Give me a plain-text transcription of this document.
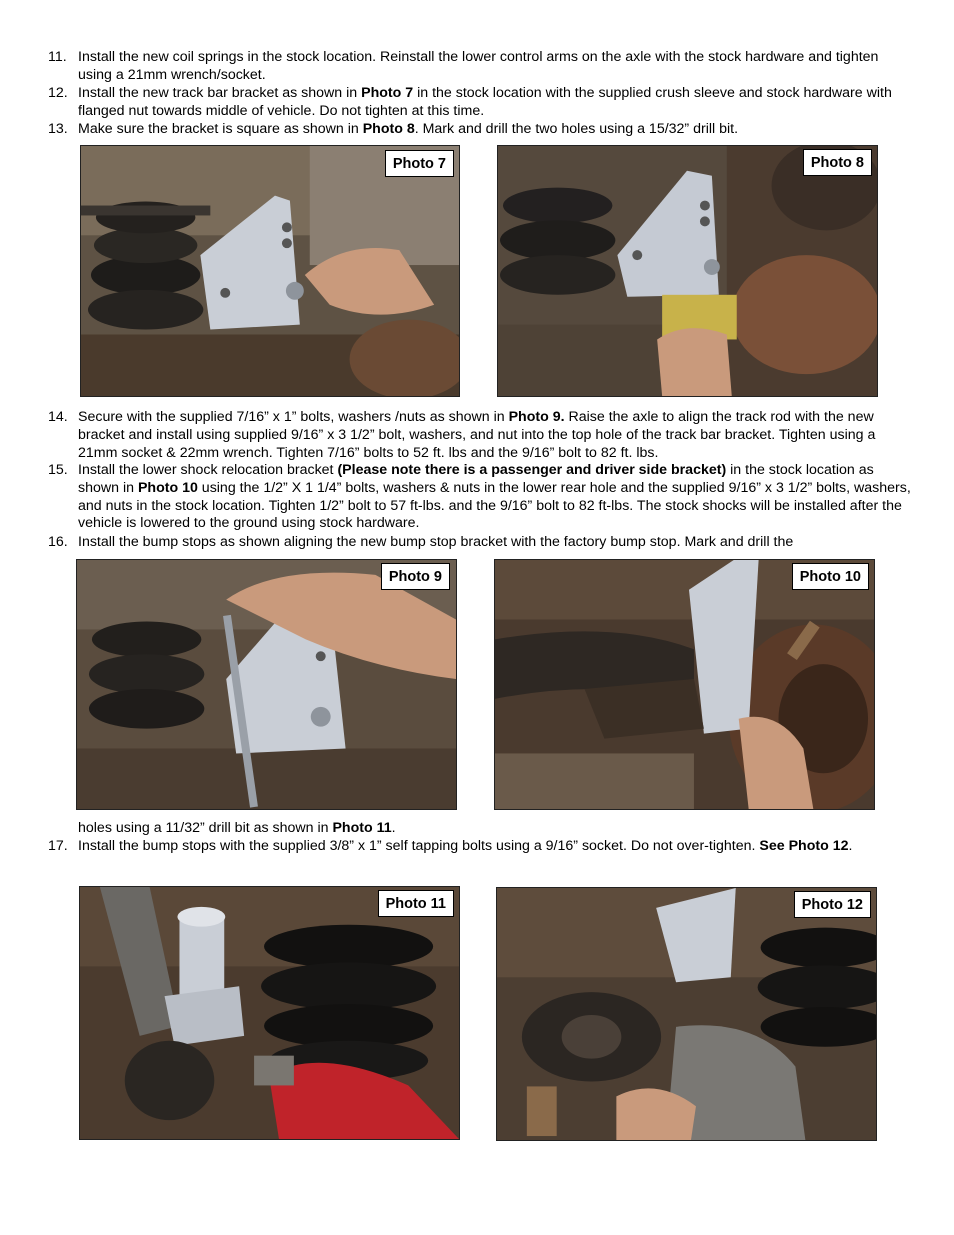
11. Install the new coil springs in the stock location. Reinstall the lower control arms on the axle with the stock hardware and tighten using a 21mm wrench/socket.
12. Install the new track bar bracket as shown in Photo 7 in the stock location with the supplied crush sleeve and stock hardware with flanged nut towards middle of vehicle. Do not tighten at this time.
13. Make sure the bracket is square as shown in Photo 8. Mark and drill the two holes using a 15/32” drill bit.
Photo 7	Photo 8
14. Secure with the supplied 7/16” x 1” bolts, washers /nuts as shown in Photo 9. Raise the axle to align the track rod with the new bracket and install using supplied 9/16” x 3 1/2” bolt, washers, and nut into the top hole of the track bar bracket. Tighten using a 21mm socket & 22mm wrench. Tighten 7/16” bolts to 52 ft. lbs and the 9/16” bolt to 82 ft. lbs.
15. Install the lower shock relocation bracket (Please note there is a passenger and driver side bracket) in the stock location as shown in Photo 10 using the 1/2” X 1 1/4” bolts, washers & nuts in the lower rear hole and the supplied 9/16” x 3 1/2” bolts, washers, and nuts in the stock location. Tighten 1/2” bolt to 57 ft-lbs. and the 9/16” bolt to 82 ft-lbs. The stock shocks will be installed after the vehicle is lowered to the ground using stock hardware.
16. Install the bump stops as shown aligning the new bump stop bracket with the factory bump stop. Mark and drill the
Photo 9	Photo 10
holes using a 11/32” drill bit as shown in Photo 11.
17. Install the bump stops with the supplied 3/8” x 1” self tapping bolts using a 9/16” socket. Do not over-tighten. See Photo 12.
Photo 11	Photo 12
